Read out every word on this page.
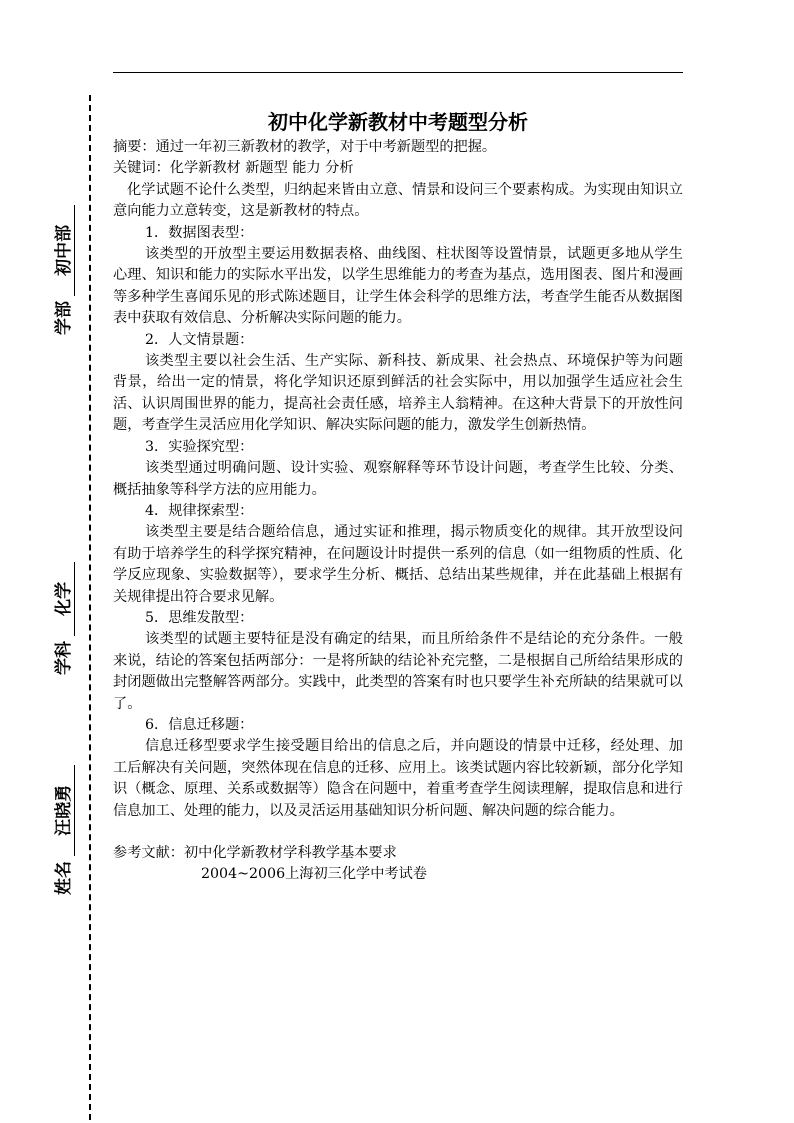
学部 初中部
学科 化学
姓名 汪晓勇
初中化学新教材中考题型分析

摘要：通过一年初三新教材的教学，对于中考新题型的把握。

关键词：化学新教材 新题型 能力 分析

化学试题不论什么类型，归纳起来皆由立意、情景和设问三个要素构成。为实现由知识立意向能力立意转变，这是新教材的特点。

1．数据图表型：

该类型的开放型主要运用数据表格、曲线图、柱状图等设置情景，试题更多地从学生心理、知识和能力的实际水平出发，以学生思维能力的考查为基点，选用图表、图片和漫画等多种学生喜闻乐见的形式陈述题目，让学生体会科学的思维方法，考查学生能否从数据图表中获取有效信息、分析解决实际问题的能力。

2．人文情景题：

该类型主要以社会生活、生产实际、新科技、新成果、社会热点、环境保护等为问题背景，给出一定的情景，将化学知识还原到鲜活的社会实际中，用以加强学生适应社会生活、认识周围世界的能力，提高社会责任感，培养主人翁精神。在这种大背景下的开放性问题，考查学生灵活应用化学知识、解决实际问题的能力，激发学生创新热情。

3．实验探究型：

该类型通过明确问题、设计实验、观察解释等环节设计问题，考查学生比较、分类、概括抽象等科学方法的应用能力。

4．规律探索型：

该类型主要是结合题给信息，通过实证和推理，揭示物质变化的规律。其开放型设问有助于培养学生的科学探究精神，在问题设计时提供一系列的信息（如一组物质的性质、化学反应现象、实验数据等），要求学生分析、概括、总结出某些规律，并在此基础上根据有关规律提出符合要求见解。

5．思维发散型：

该类型的试题主要特征是没有确定的结果，而且所给条件不是结论的充分条件。一般来说，结论的答案包括两部分：一是将所缺的结论补充完整，二是根据自己所给结果形成的封闭题做出完整解答两部分。实践中，此类型的答案有时也只要学生补充所缺的结果就可以了。

6．信息迁移题：

信息迁移型要求学生接受题目给出的信息之后，并向题设的情景中迁移，经处理、加工后解决有关问题，突然体现在信息的迁移、应用上。该类试题内容比较新颖，部分化学知识（概念、原理、关系或数据等）隐含在问题中，着重考查学生阅读理解，提取信息和进行信息加工、处理的能力，以及灵活运用基础知识分析问题、解决问题的综合能力。

参考文献：初中化学新教材学科教学基本要求

2004~2006上海初三化学中考试卷
